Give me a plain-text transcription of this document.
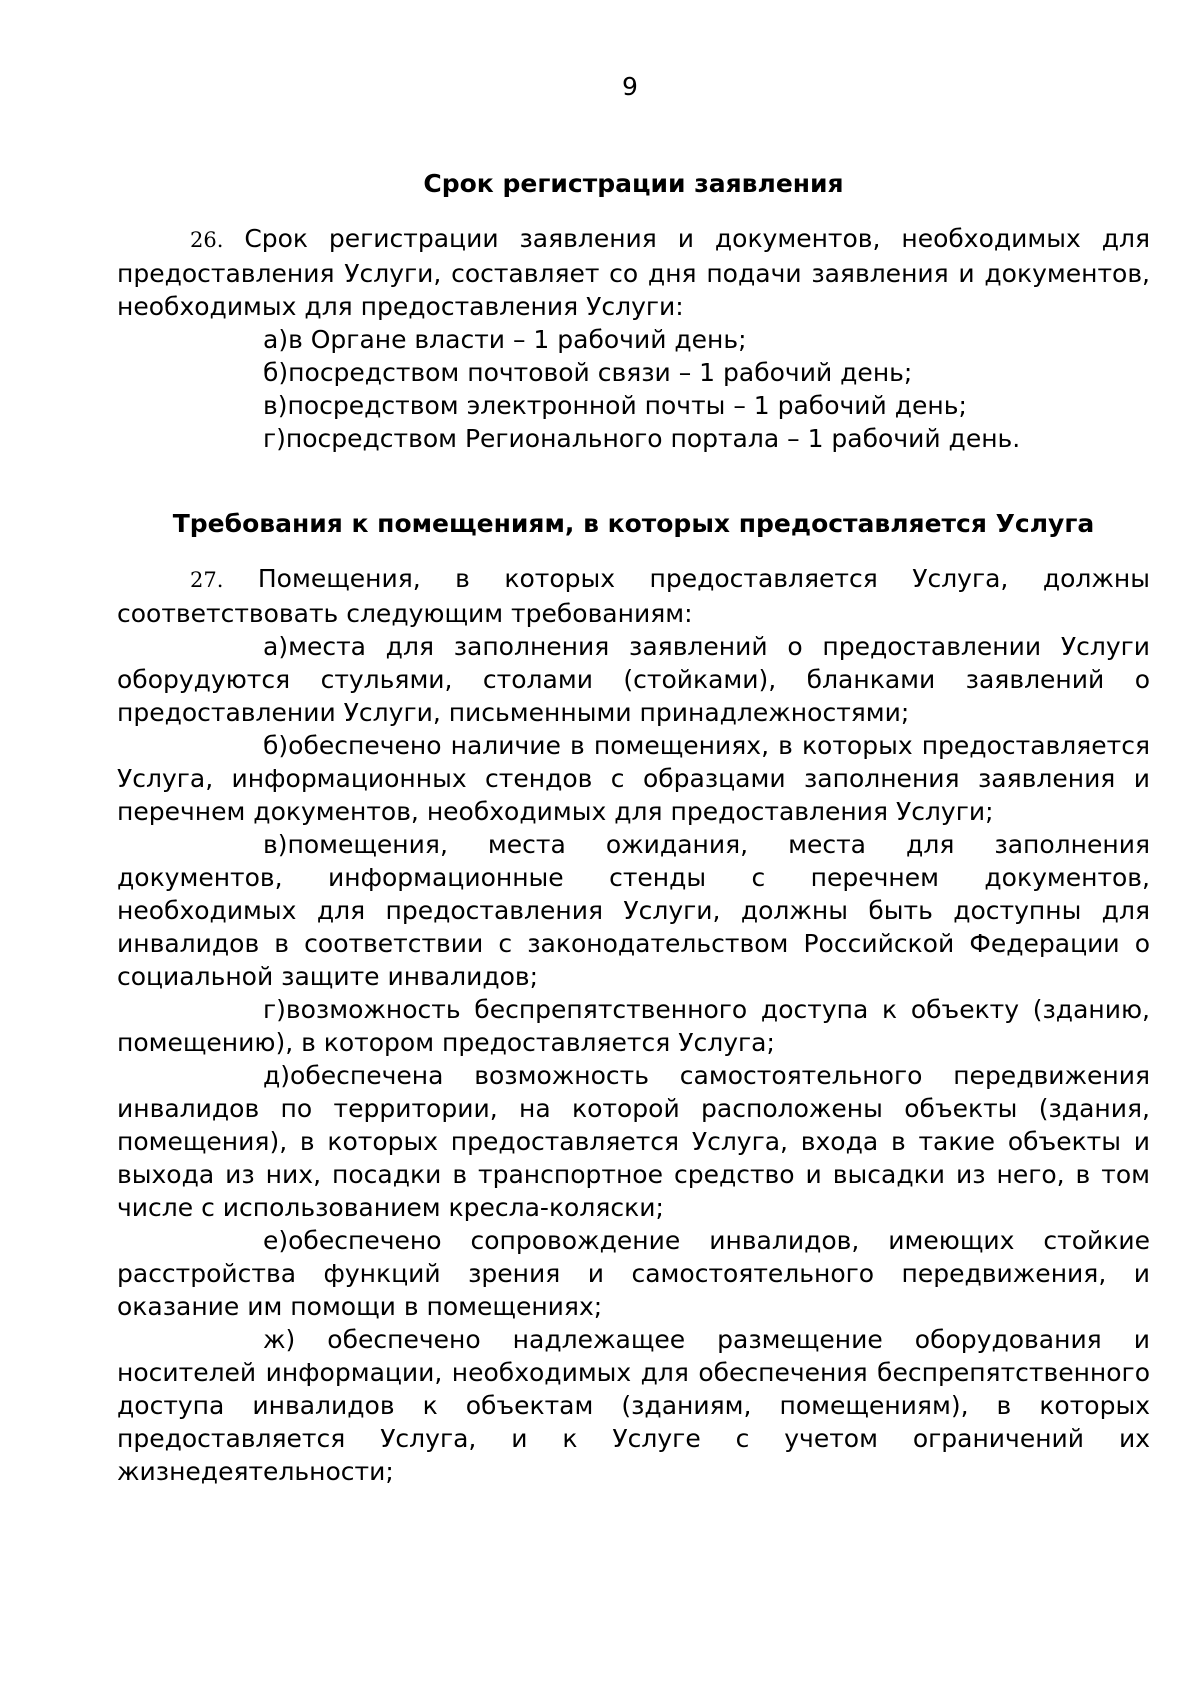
9
Срок регистрации заявления

26. Срок регистрации заявления и документов, необходимых для предоставления Услуги, составляет со дня подачи заявления и документов, необходимых для предоставления Услуги:

а)в Органе власти – 1 рабочий день;

б)посредством почтовой связи – 1 рабочий день;

в)посредством электронной почты – 1 рабочий день;

г)посредством Регионального портала – 1 рабочий день.

Требования к помещениям, в которых предоставляется Услуга

27. Помещения, в которых предоставляется Услуга, должны соответствовать следующим требованиям:

а)места для заполнения заявлений о предоставлении Услуги оборудуются стульями, столами (стойками), бланками заявлений о предоставлении Услуги, письменными принадлежностями;

б)обеспечено наличие в помещениях, в которых предоставляется Услуга, информационных стендов с образцами заполнения заявления и перечнем документов, необходимых для предоставления Услуги;

в)помещения, места ожидания, места для заполнения документов, информационные стенды с перечнем документов, необходимых для предоставления Услуги, должны быть доступны для инвалидов в соответствии с законодательством Российской Федерации о социальной защите инвалидов;

г)возможность беспрепятственного доступа к объекту (зданию, помещению), в котором предоставляется Услуга;

д)обеспечена возможность самостоятельного передвижения инвалидов по территории, на которой расположены объекты (здания, помещения), в которых предоставляется Услуга, входа в такие объекты и выхода из них, посадки в транспортное средство и высадки из него, в том числе с использованием кресла-коляски;

е)обеспечено сопровождение инвалидов, имеющих стойкие расстройства функций зрения и самостоятельного передвижения, и оказание им помощи в помещениях;

ж) обеспечено надлежащее размещение оборудования и носителей информации, необходимых для обеспечения беспрепятственного доступа инвалидов к объектам (зданиям, помещениям), в которых предоставляется Услуга, и к Услуге с учетом ограничений их жизнедеятельности;
